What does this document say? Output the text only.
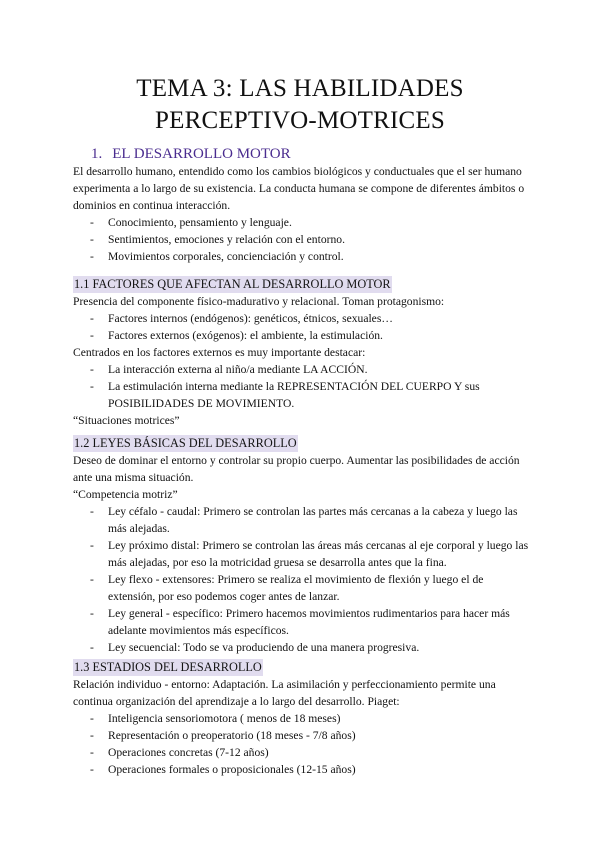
TEMA 3: LAS HABILIDADES
PERCEPTIVO-MOTRICES
1. EL DESARROLLO MOTOR

El desarrollo humano, entendido como los cambios biológicos y conductuales que el ser humano experimenta a lo largo de su existencia. La conducta humana se compone de diferentes ámbitos o dominios en continua interacción.

- Conocimiento, pensamiento y lenguaje.
- Sentimientos, emociones y relación con el entorno.
- Movimientos corporales, concienciación y control.

1.1 FACTORES QUE AFECTAN AL DESARROLLO MOTOR

Presencia del componente físico-madurativo y relacional. Toman protagonismo:

- Factores internos (endógenos): genéticos, étnicos, sexuales…
- Factores externos (exógenos): el ambiente, la estimulación.

Centrados en los factores externos es muy importante destacar:

- La interacción externa al niño/a mediante LA ACCIÓN.
- La estimulación interna mediante la REPRESENTACIÓN DEL CUERPO Y sus POSIBILIDADES DE MOVIMIENTO.

“Situaciones motrices”

1.2 LEYES BÁSICAS DEL DESARROLLO

Deseo de dominar el entorno y controlar su propio cuerpo. Aumentar las posibilidades de acción ante una misma situación.

“Competencia motriz”

- Ley céfalo - caudal: Primero se controlan las partes más cercanas a la cabeza y luego las más alejadas.
- Ley próximo distal: Primero se controlan las áreas más cercanas al eje corporal y luego las más alejadas, por eso la motricidad gruesa se desarrolla antes que la fina.
- Ley flexo - extensores: Primero se realiza el movimiento de flexión y luego el de extensión, por eso podemos coger antes de lanzar.
- Ley general - específico: Primero hacemos movimientos rudimentarios para hacer más adelante movimientos más específicos.
- Ley secuencial: Todo se va produciendo de una manera progresiva.

1.3 ESTADIOS DEL DESARROLLO

Relación individuo - entorno: Adaptación. La asimilación y perfeccionamiento permite una continua organización del aprendizaje a lo largo del desarrollo. Piaget:

- Inteligencia sensoriomotora ( menos de 18 meses)
- Representación o preoperatorio (18 meses - 7/8 años)
- Operaciones concretas (7-12 años)
- Operaciones formales o proposicionales (12-15 años)
